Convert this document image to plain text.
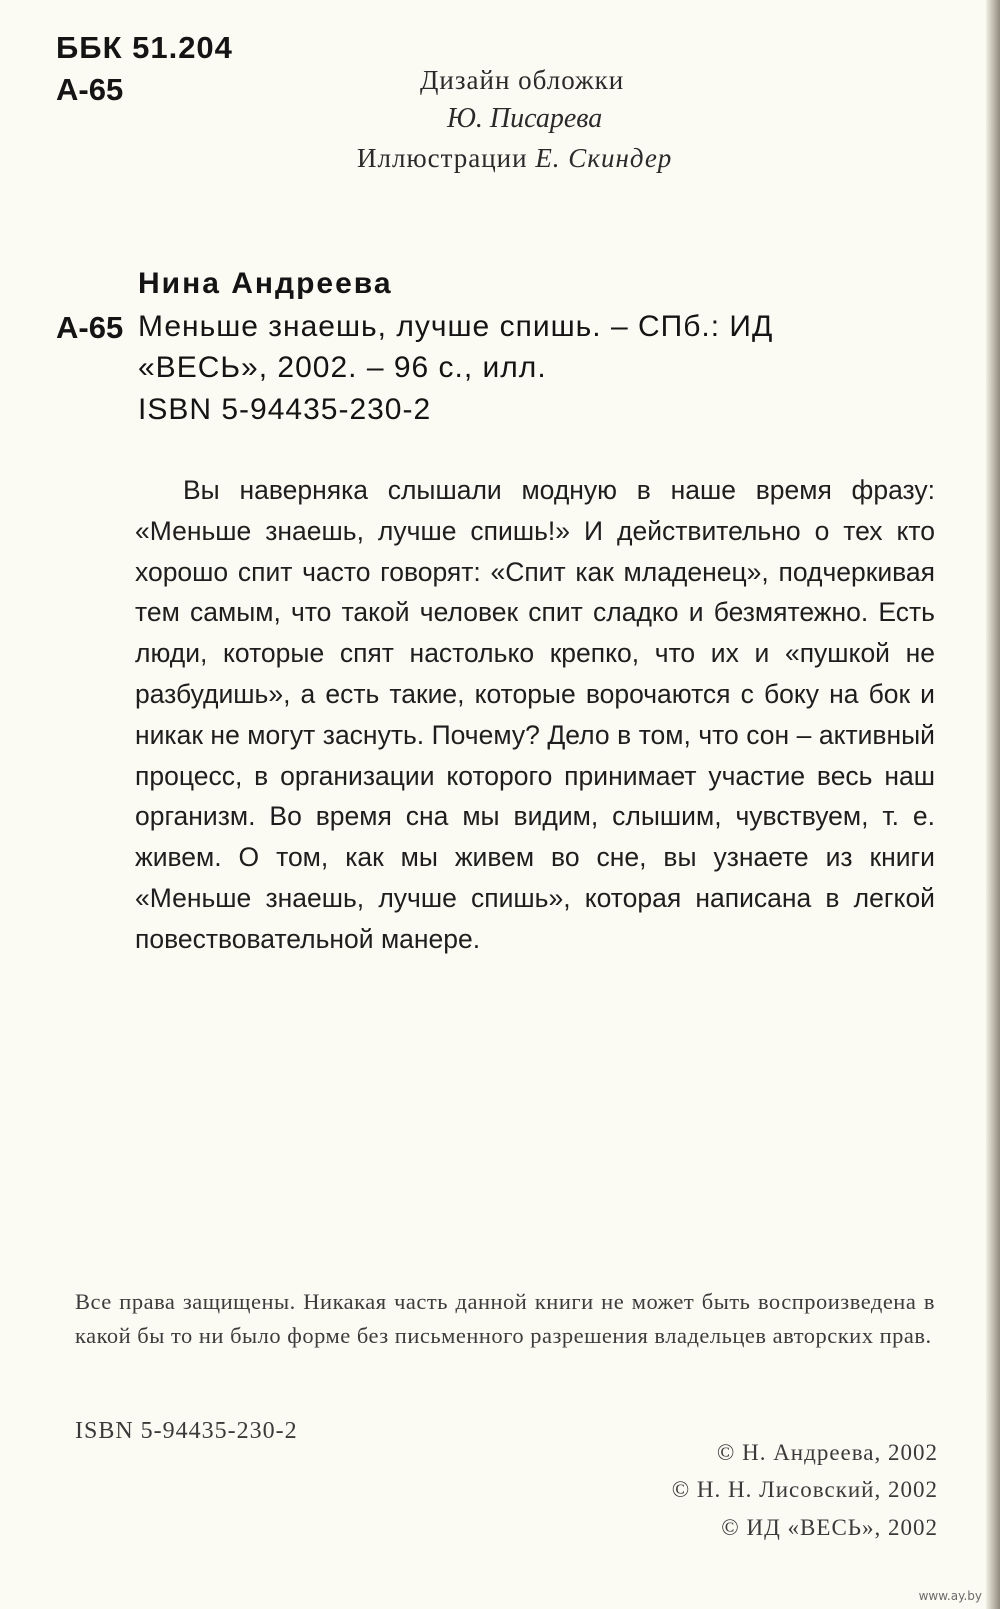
ББК 51.204
А-65	Дизайн обложки
Ю. Писарева
Иллюстрации Е. Скиндер
Нина Андреева
А-65 Меньше знаешь, лучше спишь. – СПб.: ИД
«ВЕСЬ», 2002. – 96 с., илл.
ISBN 5-94435-230-2

Вы наверняка слышали модную в наше время фразу: «Меньше знаешь, лучше спишь!» И действительно о тех кто хорошо спит часто говорят: «Спит как младенец», подчеркивая тем самым, что такой человек спит сладко и безмятежно. Есть люди, которые спят настолько крепко, что их и «пушкой не разбудишь», а есть такие, которые ворочаются с боку на бок и никак не могут заснуть. Почему? Дело в том, что сон – активный процесс, в организации которого принимает участие весь наш организм. Во время сна мы видим, слышим, чувствуем, т. е. живем. О том, как мы живем во сне, вы узнаете из книги «Меньше знаешь, лучше спишь», которая написана в легкой повествовательной манере.

Все права защищены. Никакая часть данной книги не может быть воспроизведена в какой бы то ни было форме без письменного разрешения владельцев авторских прав.

ISBN 5-94435-230-2
© Н. Андреева, 2002
© Н. Н. Лисовский, 2002
© ИД «ВЕСЬ», 2002
www.ay.by
